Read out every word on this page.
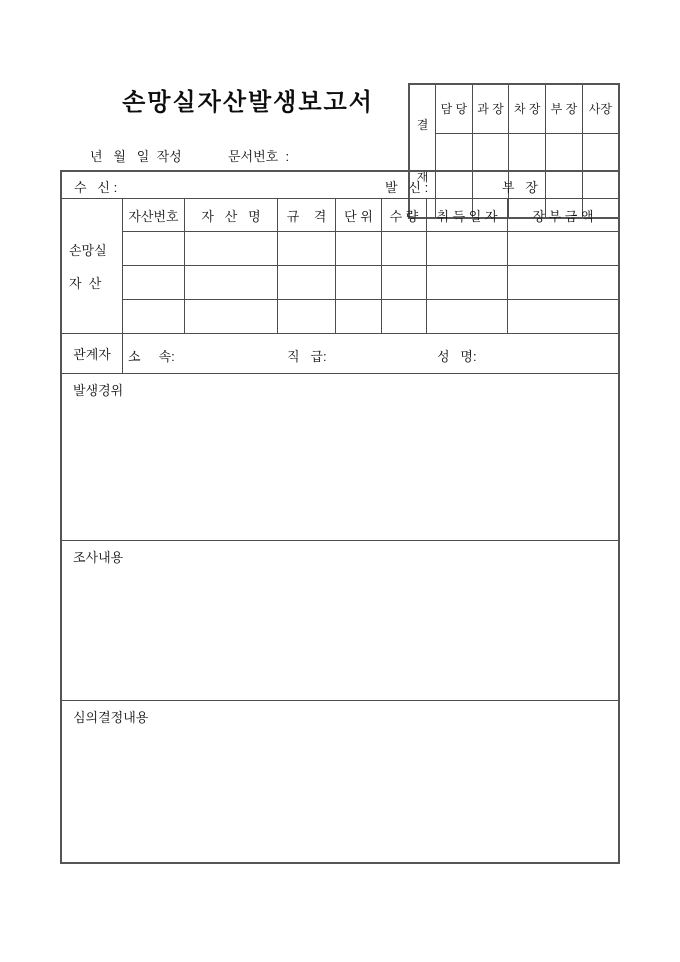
손망실자산발생보고서

결

재	담 당	과 장	차 장	부 장	사장

년   월   일  작성	문서번호  :
수   신 :	발   신 :	부   장
손망실
자  산
자산번호	자   산   명	규    격	단 위	수 량	취 득 일 자	장 부 금 액
관계자	소     속:	직   급:	성   명:
발생경위
조사내용
심의결정내용
